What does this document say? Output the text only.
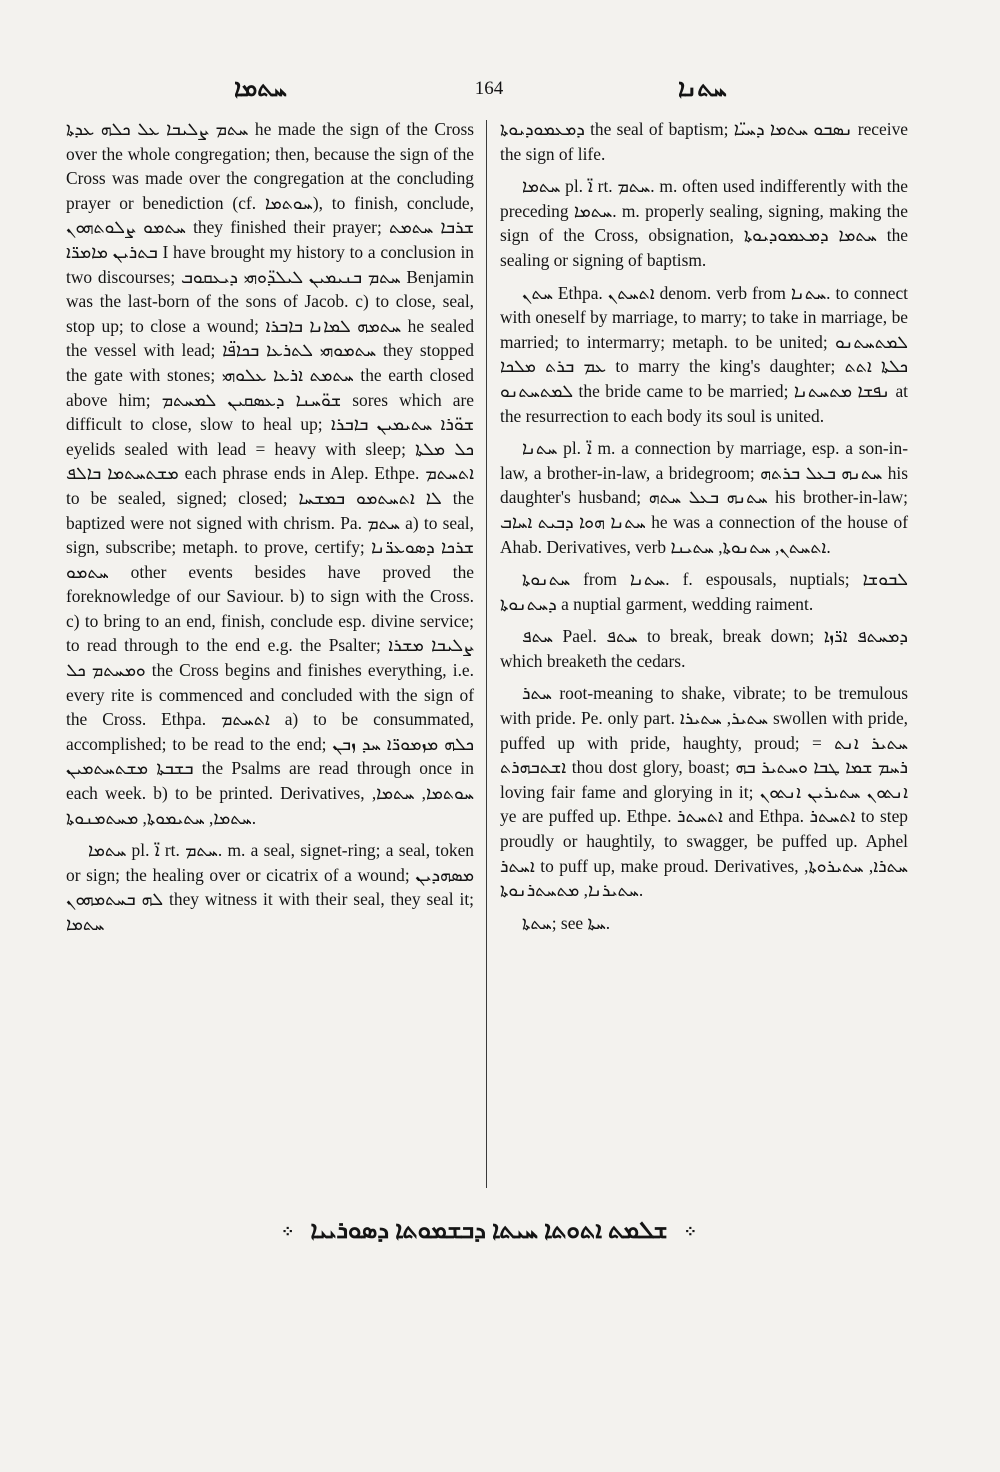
ܚܬܡܐ	164	ܚܬܢܐ

ܚܬܡ ܨܠܝܒܐ ܥܠ ܟܠܗ ܥܕܬܐ he made the sign of the Cross over the whole congregation; then, because the sign of the Cross was made over the congregation at the concluding prayer or benediction (cf. ܚܘܬܡܐ), to finish, conclude, ܚܬܡܘ ܨܠܘܬܗܘܢ they finished their prayer; ܫܪܒܐ ܚܬܡܬ ܒܬܪܝܢ ܡܐܡܪ̈ܐ I have brought my history to a conclusion in two discourses; ܚܬܡ ܒܢܝܡܝܢ ܠܝܠܕ̈ܘܗܝ ܕܝܥܩܘܒ Benjamin was the last-born of the sons of Jacob. c) to close, seal, stop up; to close a wound; ܚܬܡܗ ܠܡܐܢܐ ܒܐܒܪܐ he sealed the vessel with lead; ܚܬܡܘܗܝ ܠܬܪܥܐ ܒܟܐܦ̈ܐ they stopped the gate with stones; ܚܬܡܬ ܐܪܥܐ ܥܠܘܗܝ the earth closed above him; ܫܘ̈ܚܢܐ ܕܥܣܩܝܢ ܠܡܚܬܡ sores which are difficult to close, slow to heal up; ܫܘ̈ܪܐ ܚܬܝܡܝܢ ܒܐܒܪܐ eyelids sealed with lead = heavy with sleep; ܟܠ ܡܠܬܐ ܡܫܬܚܬܡܐ ܒܐܠܦ each phrase ends in Alep. Ethpe. ܐܬܚܬܡ to be sealed, signed; closed; ܠܐ ܐܬܚܬܡܘ ܒܡܫܚܐ the baptized were not signed with chrism. Pa. ܚܬܡ a) to seal, sign, subscribe; metaph. to prove, certify; ܫܪܟܐ ܕܣܘܥܪ̈ܢܐ ܚܬܡܘ other events besides have proved the foreknowledge of our Saviour. b) to sign with the Cross. c) to bring to an end, finish, conclude esp. divine service; to read through to the end e.g. the Psalter; ܨܠܝܒܐ ܡܫܪܐ ܘܡܚܬܡ ܟܠ the Cross begins and finishes everything, i.e. every rite is commenced and concluded with the sign of the Cross. Ethpa. ܐܬܚܬܡ a) to be consummated, accomplished; to be read to the end; ܟܠܗ ܡܙܡܘܪ̈ܐ ܚܕ ܙܒܢ ܒܫܒܬܐ ܡܫܬܚܬܡܝܢ the Psalms are read through once in each week. b) to be printed. Derivatives, ܚܘܬܡܐ, ܚܬܡܐ, ܚܬܡܐ, ܚܬܝܡܘܬܐ, ܡܚܬܡܢܘܬܐ.

ܚܬܡܐ pl. ܐ̈ rt. ܚܬܡ. m. a seal, signet-ring; a seal, token or sign; the healing over or cicatrix of a wound; ܡܣܗܕܝܢ ܠܗ ܒܚܬܡܗܘܢ they witness it with their seal, they seal it; ܚܬܡܐ

ܕܡܥܡܘܕܝܘܬܐ the seal of baptism; ܢܣܒܘ ܚܬܡܐ ܕܚܝ̈ܐ receive the sign of life.

ܚܬܡܐ pl. ܐ̈ rt. ܚܬܡ. m. often used indifferently with the preceding ܚܬܡܐ. m. properly sealing, signing, making the sign of the Cross, obsignation, ܚܬܡܐ ܕܡܥܡܘܕܝܘܬܐ the sealing or signing of baptism.

ܚܬܢ Ethpa. ܐܬܚܬܢ denom. verb from ܚܬܢܐ. to connect with oneself by marriage, to marry; to take in marriage, be married; to intermarry; metaph. to be united; ܠܡܬܚܬܢܘ ܥܡ ܒܪܬ ܡܠܟܐ to marry the king's daughter; ܟܠܬܐ ܐܬܬ ܠܡܬܚܬܢܘ the bride came to be married; ܢܦܫܐ ܡܬܚܬܢܐ at the resurrection to each body its soul is united.

ܚܬܢܐ pl. ܐ̈ m. a connection by marriage, esp. a son-in-law, a brother-in-law, a bridegroom; ܚܬܢܗ ܒܥܠ ܒܪܬܗ his daughter's husband; ܚܬܢܗ ܒܥܠ ܚܬܗ his brother-in-law; ܚܬܢܐ ܗܘܐ ܕܒܝܬ ܐܚܐܒ he was a connection of the house of Ahab. Derivatives, verb ܐܬܚܬܢ, ܚܬܢܘܬܐ, ܚܬܝܢܐ.

ܚܬܢܘܬܐ from ܚܬܢܐ. f. espousals, nuptials; ܠܒܘܫܐ ܕܚܬܢܘܬܐ a nuptial garment, wedding raiment.

ܚܬܦ Pael. ܚܬܦ to break, break down; ܕܡܚܬܦ ܐܪ̈ܙܐ which breaketh the cedars.

ܚܬܪ root-meaning to shake, vibrate; to be tremulous with pride. Pe. only part. ܚܬܝܪ, ܚܬܝܪܐ swollen with pride, puffed up with pride, haughty, proud; ܚܬܝܪ ܐܢܬ = ܐܫܬܒܗܪܬ thou dost glory, boast; ܪܚܡ ܫܡܐ ܛܒܐ ܘܚܬܝܪ ܒܗ loving fair fame and glorying in it; ܐܢܬܘܢ ܚܬܝܪܝܢ ܐܢܬܘܢ ye are puffed up. Ethpe. ܐܬܚܬܪ and Ethpa. ܐܬܚܬܪ to step proudly or haughtily, to swagger, be puffed up. Aphel ܐܚܬܪ to puff up, make proud. Derivatives, ܚܬܪܐ, ܚܬܝܪܘܬܐ, ܚܬܝܪܢܐ, ܡܬܚܬܪܢܘܬܐ.

ܚܬܬܐ; see ܚܬܐ.

⁘ ܫܠܡܬ ܐܬܘܬܐ ܚܝܬܐ ܕܒܫܡܘܬܐ ܕܣܘܪܝܝܐ ⁘
